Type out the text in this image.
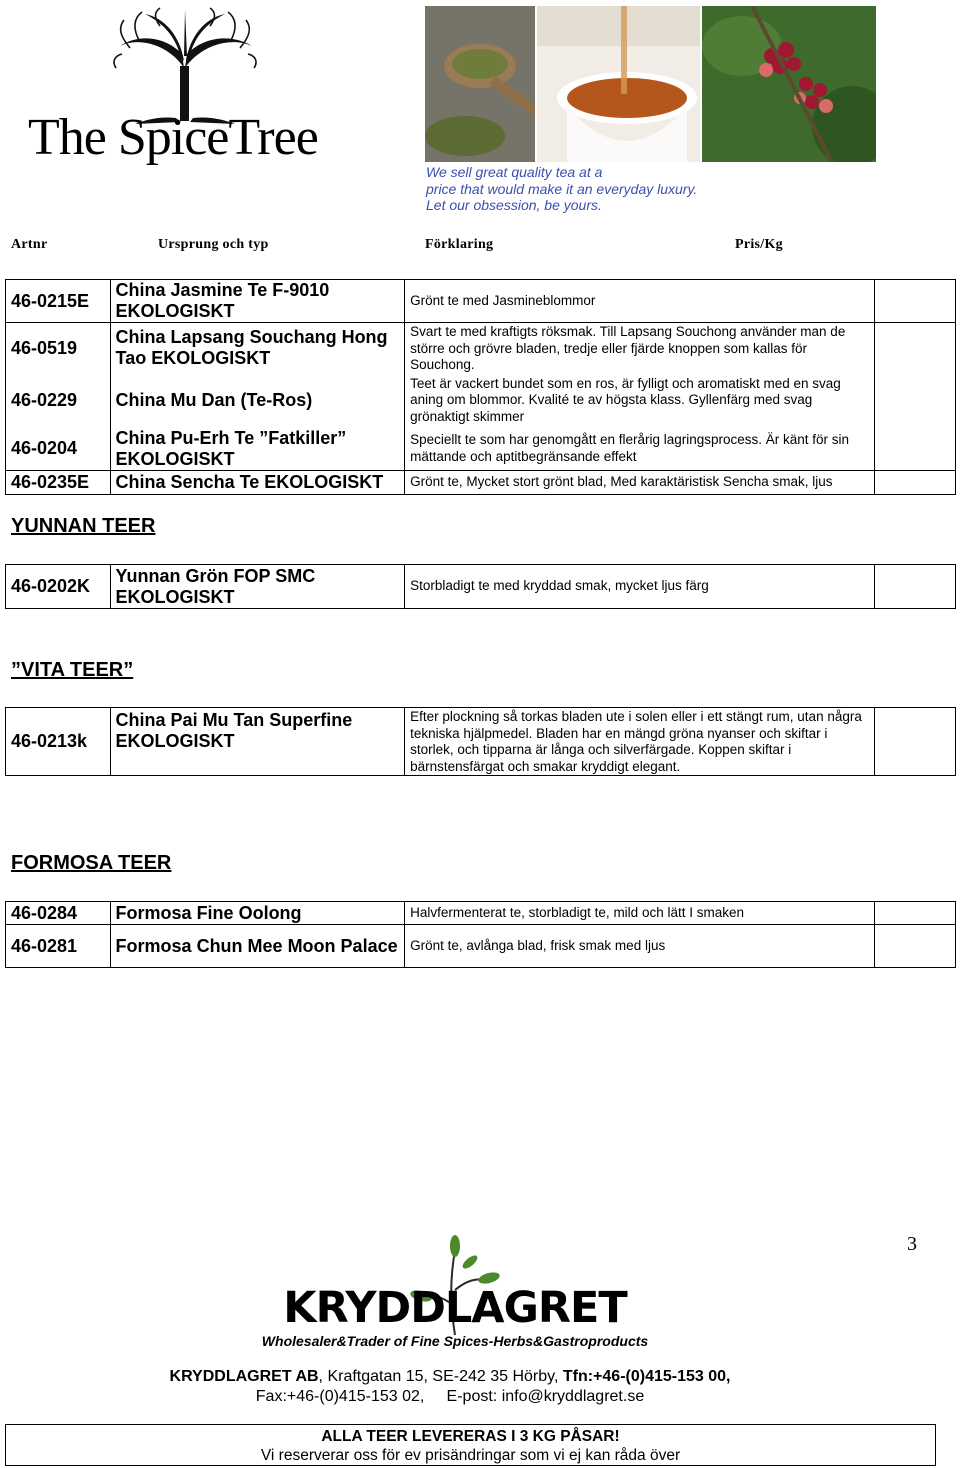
The SpiceTree
We sell great quality tea at a
price that would make it an everyday luxury.
Let our obsession, be yours.
Artnr	Ursprung och typ	Förklaring	Pris/Kg
46-0215E	China Jasmine Te F-9010 EKOLOGISKT	Grönt te med Jasmineblommor	
46-0519	China Lapsang Souchang Hong Tao EKOLOGISKT	Svart te med kraftigts röksmak. Till Lapsang Souchong använder man de större och grövre bladen, tredje eller fjärde knoppen som kallas för Souchong.	
46-0229	China Mu Dan (Te-Ros)	Teet är vackert bundet som en ros, är fylligt och aromatiskt med en svag aning om blommor. Kvalité te av högsta klass. Gyllenfärg med svag grönaktigt skimmer	
46-0204	China Pu-Erh Te ”Fatkiller” EKOLOGISKT	Speciellt te som har genomgått en flerårig lagringsprocess. Är känt för sin mättande och aptitbegränsande effekt	
46-0235E	China Sencha Te EKOLOGISKT	Grönt te, Mycket stort grönt blad, Med karaktäristisk Sencha smak, ljus	
YUNNAN TEER
46-0202K	Yunnan Grön FOP SMC EKOLOGISKT	Storbladigt te med kryddad smak, mycket ljus färg	
”VITA TEER”
46-0213k	China Pai Mu Tan Superfine EKOLOGISKT	Efter plockning så torkas bladen ute i solen eller i ett stängt rum, utan några tekniska hjälpmedel. Bladen har en mängd gröna nyanser och skiftar i storlek, och tipparna är långa och silverfärgade. Koppen skiftar i bärnstensfärgat och smakar kryddigt elegant.	
FORMOSA TEER
46-0284	Formosa Fine Oolong	Halvfermenterat te, storbladigt te, mild och lätt I smaken	
46-0281	Formosa Chun Mee Moon Palace	Grönt te, avlånga blad, frisk smak med ljus	
3
KRYDDLAGRET
Wholesaler&Trader of Fine Spices-Herbs&Gastroproducts
KRYDDLAGRET AB, Kraftgatan 15, SE-242 35 Hörby, Tfn:+46-(0)415-153 00,
Fax:+46-(0)415-153 02,     E-post: info@kryddlagret.se
ALLA TEER LEVERERAS I 3 KG PÅSAR!
Vi reserverar oss för ev prisändringar som vi ej kan råda över
